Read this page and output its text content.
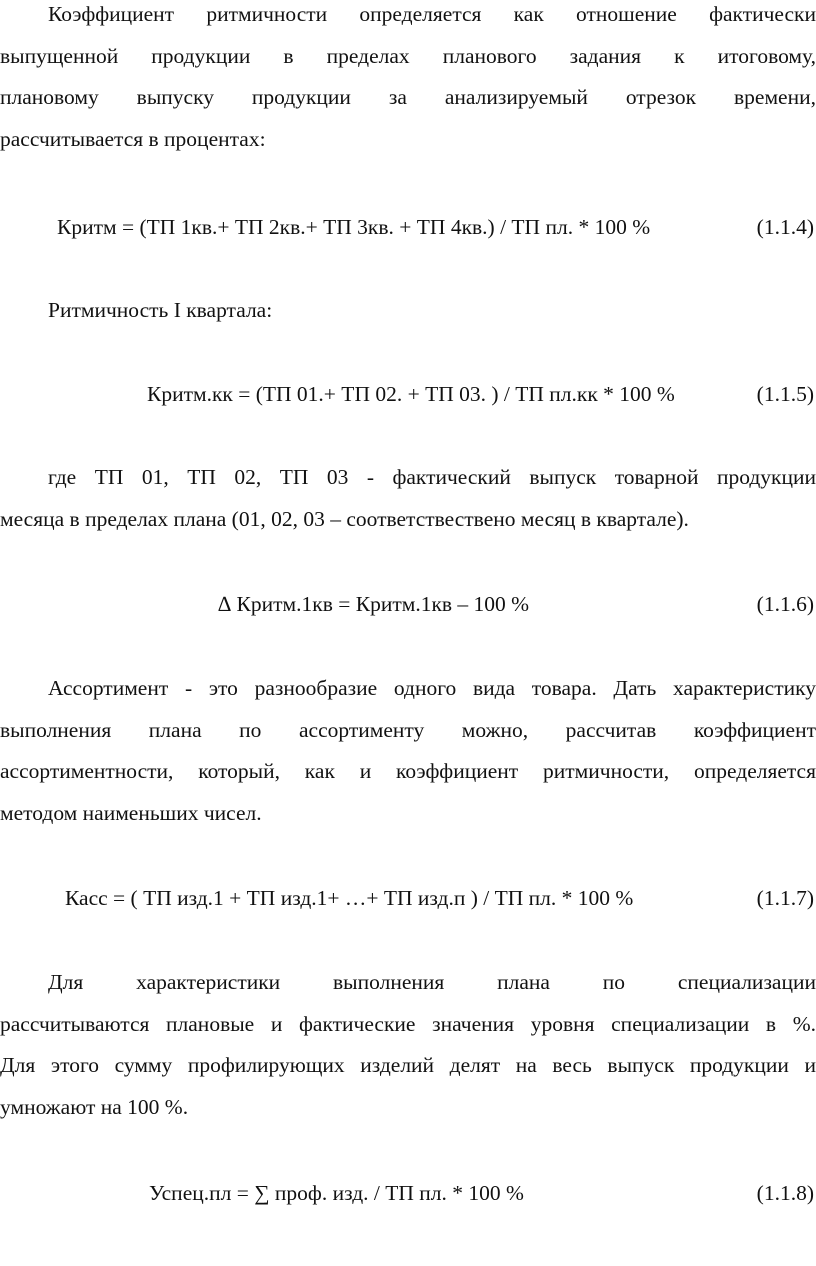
Коэффициент ритмичности определяется как отношение фактически
выпущенной продукции в пределах планового задания к итоговому,
плановому выпуску продукции за анализируемый отрезок времени,
рассчитывается в процентах:
Критм = (ТП 1кв.+ ТП 2кв.+ ТП 3кв. + ТП 4кв.) / ТП пл. * 100 %	(1.1.4)
Ритмичность I квартала:
Критм.кк = (ТП 01.+ ТП 02. + ТП 03. ) / ТП пл.кк * 100 %	(1.1.5)
где ТП 01, ТП 02, ТП 03 - фактический выпуск товарной продукции
месяца в пределах плана (01, 02, 03 – соответствествено месяц в квартале).
∆ Критм.1кв = Критм.1кв – 100 %	(1.1.6)
Ассортимент - это разнообразие одного вида товара. Дать характеристику
выполнения плана по ассортименту можно, рассчитав коэффициент
ассортиментности, который, как и коэффициент ритмичности, определяется
методом наименьших чисел.
Касс = ( ТП изд.1 + ТП изд.1+ …+ ТП изд.п ) / ТП пл. * 100 %	(1.1.7)
Для характеристики выполнения плана по специализации
рассчитываются плановые и фактические значения уровня специализации в %.
Для этого сумму профилирующих изделий делят на весь выпуск продукции и
умножают на 100 %.
Успец.пл = ∑ проф. изд. / ТП пл. * 100 %	(1.1.8)
